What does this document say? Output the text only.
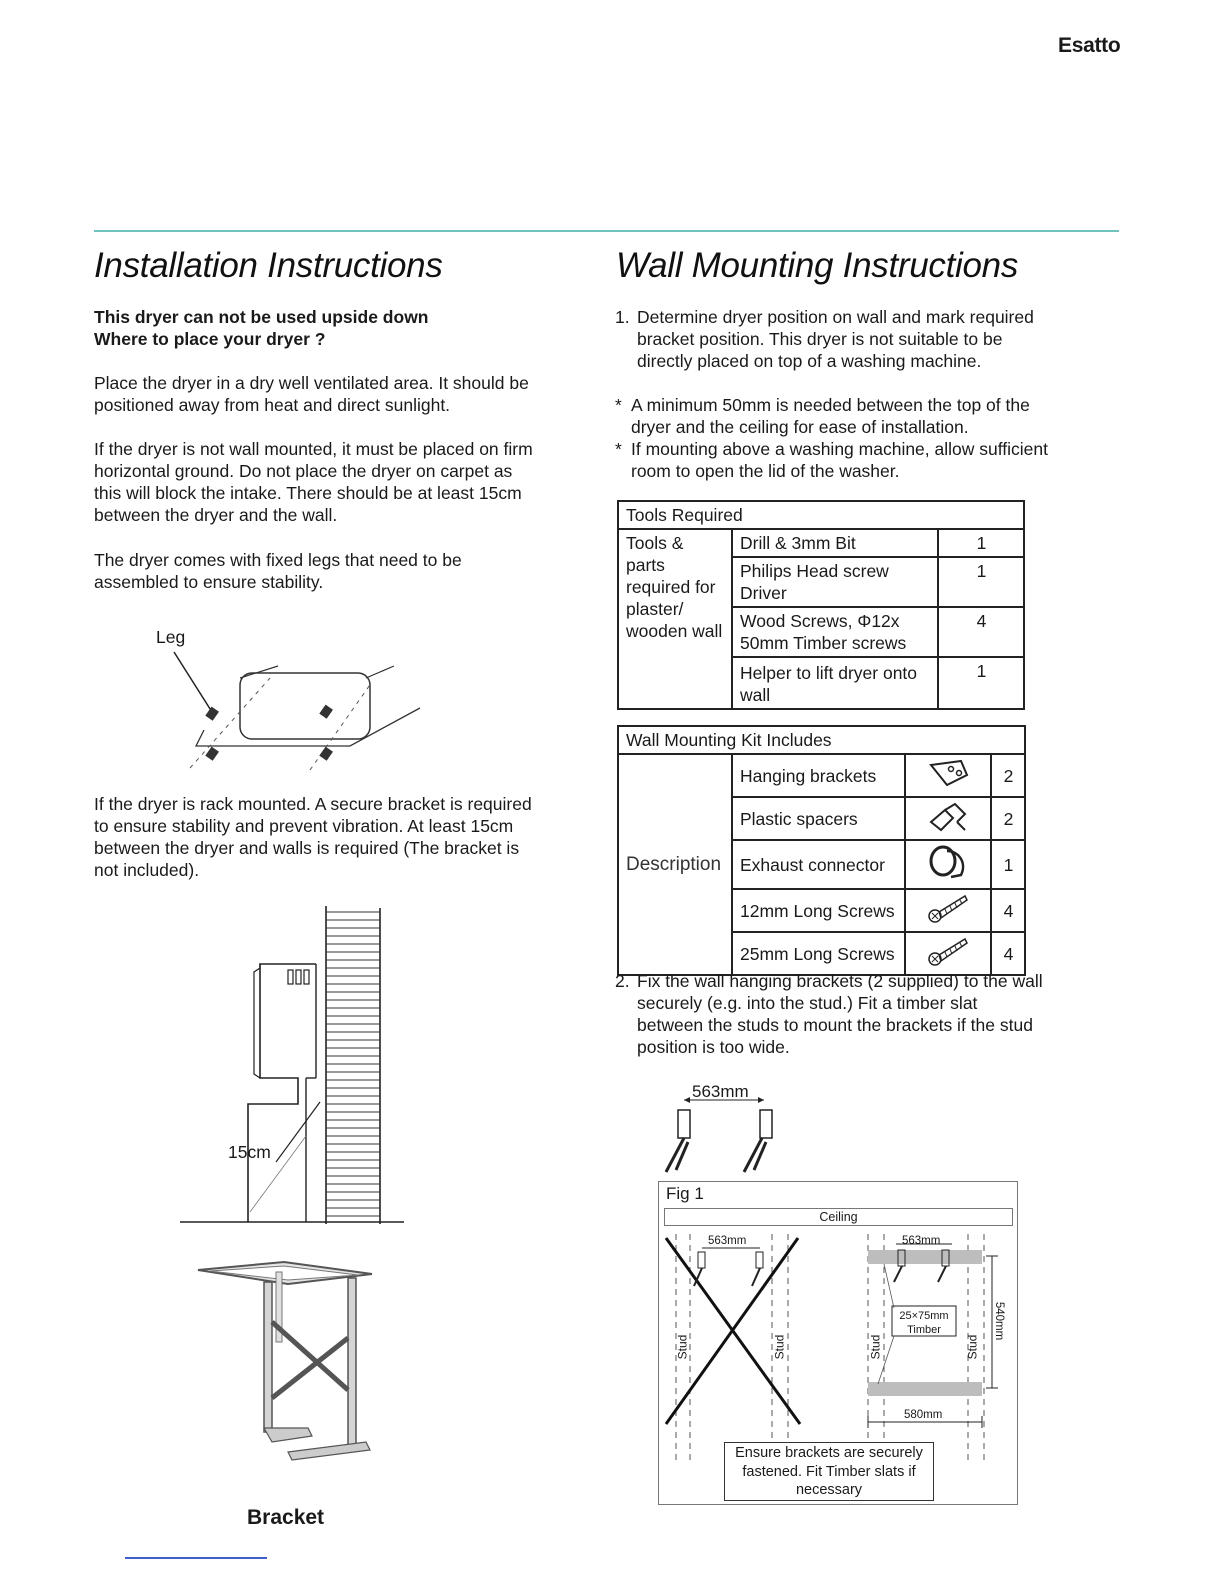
Esatto
Installation Instructions
This dryer can not be used upside down
Where to place your dryer ?
Place the dryer in a dry well ventilated area. It should be positioned away from heat and direct sunlight.
If the dryer is not wall mounted, it must be placed on firm horizontal ground. Do not place the dryer on carpet as this will block the intake. There should be at least 15cm between the dryer and the wall.
The dryer comes with fixed legs that need to be assembled to ensure stability.
Leg
If the dryer is rack mounted. A secure bracket is required to ensure stability and prevent vibration. At least 15cm between the dryer and walls is required (The bracket is not included).
15cm
Bracket
Wall Mounting Instructions
1. Determine dryer position on wall and mark required bracket position. This dryer is not suitable to be directly placed on top of a washing machine.
* A minimum 50mm is needed between the top of the dryer and the ceiling for ease of installation.
* If mounting above a washing machine, allow sufficient room to open the lid of the washer.
Tools Required		
Tools & parts required for plaster/ wooden wall	Drill & 3mm Bit	1
	Philips Head screw Driver	1
	Wood Screws, Φ12x 50mm Timber screws	4
	Helper to lift dryer onto wall	1
Wall Mounting Kit Includes			
Description	Hanging brackets		2
	Plastic spacers		2
	Exhaust connector		1
	12mm Long Screws		4
	25mm Long Screws		4
2. Fix the wall hanging brackets (2 supplied) to the wall securely (e.g. into the stud.) Fit a timber slat between the studs to mount the brackets if the stud position is too wide.
563mm
Fig 1
Ceiling
563mm	563mm
Stud	Stud	Stud	Stud
25×75mm
Timber	540mm
580mm
Ensure brackets are securely fastened. Fit Timber slats if necessary
